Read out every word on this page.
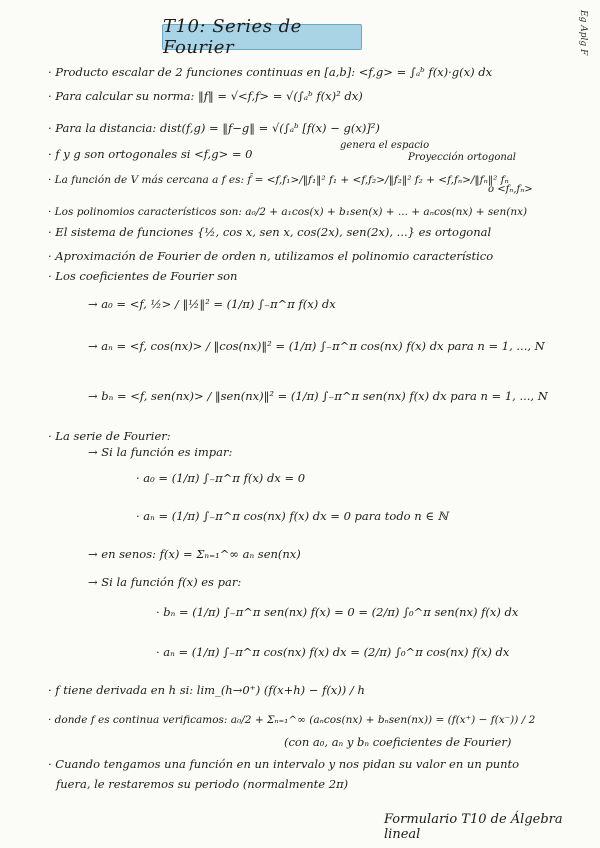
T10: Series de Fourier	Eg Aplg F
genera el espacio
Proyección ortogonal
o <fₙ,fₙ>
· Producto escalar de 2 funciones continuas en [a,b]: <f,g> = ∫ₐᵇ f(x)·g(x) dx
· Para calcular su norma: ‖f‖ = √<f,f> = √(∫ₐᵇ f(x)² dx)
· Para la distancia: dist(f,g) = ‖f−g‖ = √(∫ₐᵇ [f(x) − g(x)]²)
· f y g son ortogonales si <f,g> = 0
· La función de V más cercana a f es: f̂ = <f,f₁>/‖f₁‖² f₁ + <f,f₂>/‖f₂‖² f₂ + <f,fₙ>/‖fₙ‖² fₙ
· Los polinomios característicos son: a₀/2 + a₁cos(x) + b₁sen(x) + ... + aₙcos(nx) + sen(nx)
· El sistema de funciones {½, cos x, sen x, cos(2x), sen(2x), ...} es ortogonal
· Aproximación de Fourier de orden n, utilizamos el polinomio característico
· Los coeficientes de Fourier son
→ a₀ = <f, ½> / ‖½‖² = (1/π) ∫₋π^π f(x) dx
→ aₙ = <f, cos(nx)> / ‖cos(nx)‖² = (1/π) ∫₋π^π cos(nx) f(x) dx para n = 1, ..., N
→ bₙ = <f, sen(nx)> / ‖sen(nx)‖² = (1/π) ∫₋π^π sen(nx) f(x) dx para n = 1, ..., N
· La serie de Fourier:
→ Si la función es impar:
· a₀ = (1/π) ∫₋π^π f(x) dx = 0
· aₙ = (1/π) ∫₋π^π cos(nx) f(x) dx = 0 para todo n ∈ ℕ
→ en senos: f(x) = Σₙ₌₁^∞ aₙ sen(nx)
→ Si la función f(x) es par:
· bₙ = (1/π) ∫₋π^π sen(nx) f(x) = 0 = (2/π) ∫₀^π sen(nx) f(x) dx
· aₙ = (1/π) ∫₋π^π cos(nx) f(x) dx = (2/π) ∫₀^π cos(nx) f(x) dx
· f tiene derivada en h si: lim_(h→0⁺) (f(x+h) − f(x)) / h
· donde f es continua verificamos: a₀/2 + Σₙ₌₁^∞ (aₙcos(nx) + bₙsen(nx)) = (f(x⁺) − f(x⁻)) / 2
(con a₀, aₙ y bₙ coeficientes de Fourier)
· Cuando tengamos una función en un intervalo y nos pidan su valor en un punto
fuera, le restaremos su periodo (normalmente 2π)
Formulario T10 de Álgebra lineal
